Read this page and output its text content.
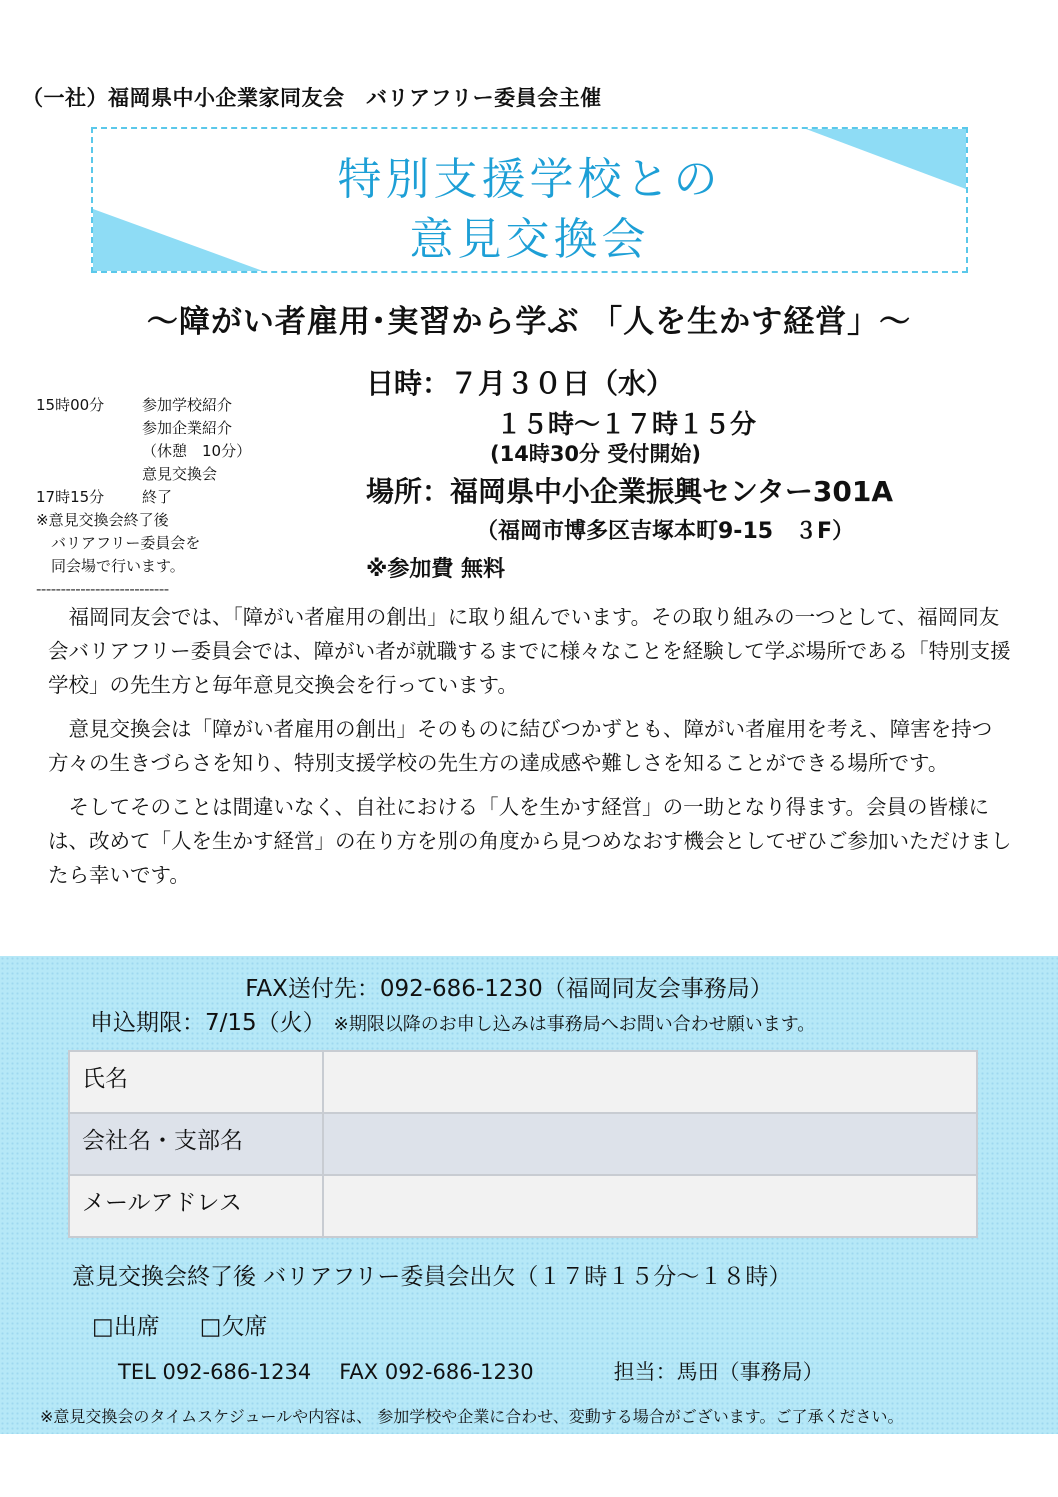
（一社）福岡県中小企業家同友会　バリアフリー委員会主催
特別支援学校との
意見交換会
～障がい者雇用･実習から学ぶ 「人を生かす経営」～
15時00分	参加学校紹介
参加企業紹介
（休憩　10分）
意見交換会
17時15分	終了
※意見交換会終了後
　バリアフリー委員会を
　同会場で行います。
---------------------------
日時：７月３０日（水）
１５時～１７時１５分
(14時30分 受付開始)
場所：福岡県中小企業振興センター301A
（福岡市博多区吉塚本町9-15　３F）
※参加費 無料

福岡同友会では、「障がい者雇用の創出」に取り組んでいます。その取り組みの一つとして、福岡同友会バリアフリー委員会では、障がい者が就職するまでに様々なことを経験して学ぶ場所である「特別支援学校」の先生方と毎年意見交換会を行っています。

意見交換会は「障がい者雇用の創出」そのものに結びつかずとも、障がい者雇用を考え、障害を持つ方々の生きづらさを知り、特別支援学校の先生方の達成感や難しさを知ることができる場所です。

そしてそのことは間違いなく、自社における「人を生かす経営」の一助となり得ます。会員の皆様には、改めて「人を生かす経営」の在り方を別の角度から見つめなおす機会としてぜひご参加いただけましたら幸いです。

FAX送付先：092-686-1230（福岡同友会事務局）
申込期限：7/15（火） ※期限以降のお申し込みは事務局へお問い合わせ願います。
氏名	
会社名・支部名	
メールアドレス	
意見交換会終了後 バリアフリー委員会出欠（１７時１５分～１８時）
□出席 □欠席
TEL 092-686-1234 FAX 092-686-1230	担当：馬田（事務局）
※意見交換会のタイムスケジュールや内容は、 参加学校や企業に合わせ、変動する場合がございます。ご了承ください。
